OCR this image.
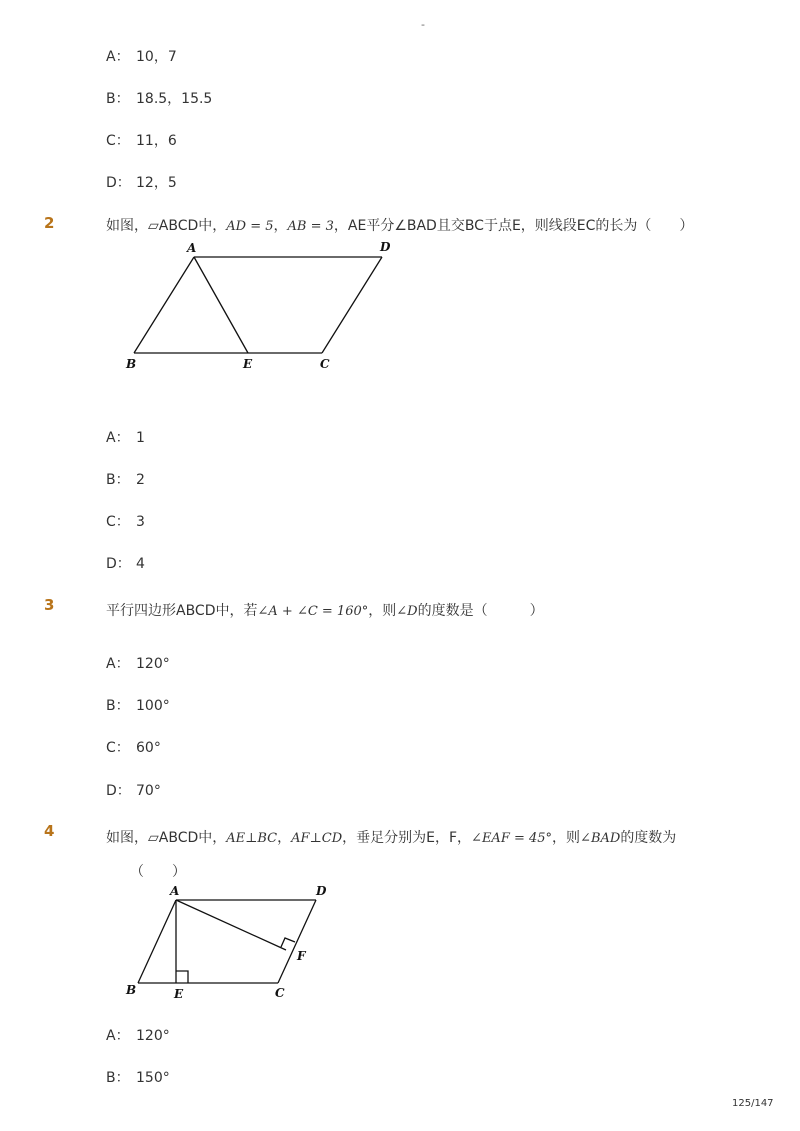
-
A： 10，7
B： 18.5，15.5
C： 11，6
D： 12，5
2	如图，▱ABCD中，AD = 5，AB = 3，AE平分∠BAD且交BC于点E，则线段EC的长为（　　）
A	D
B	E	C
A： 1
B： 2
C： 3
D： 4
3	平行四边形ABCD中，若∠A + ∠C = 160°，则∠D的度数是（　　　）
A： 120°
B： 100°
C： 60°
D： 70°
4	如图，▱ABCD中，AE⊥BC，AF⊥CD，垂足分别为E，F，∠EAF = 45°，则∠BAD的度数为
（　　）
A	D
F
B	E	C
A： 120°
B： 150°
125/147
